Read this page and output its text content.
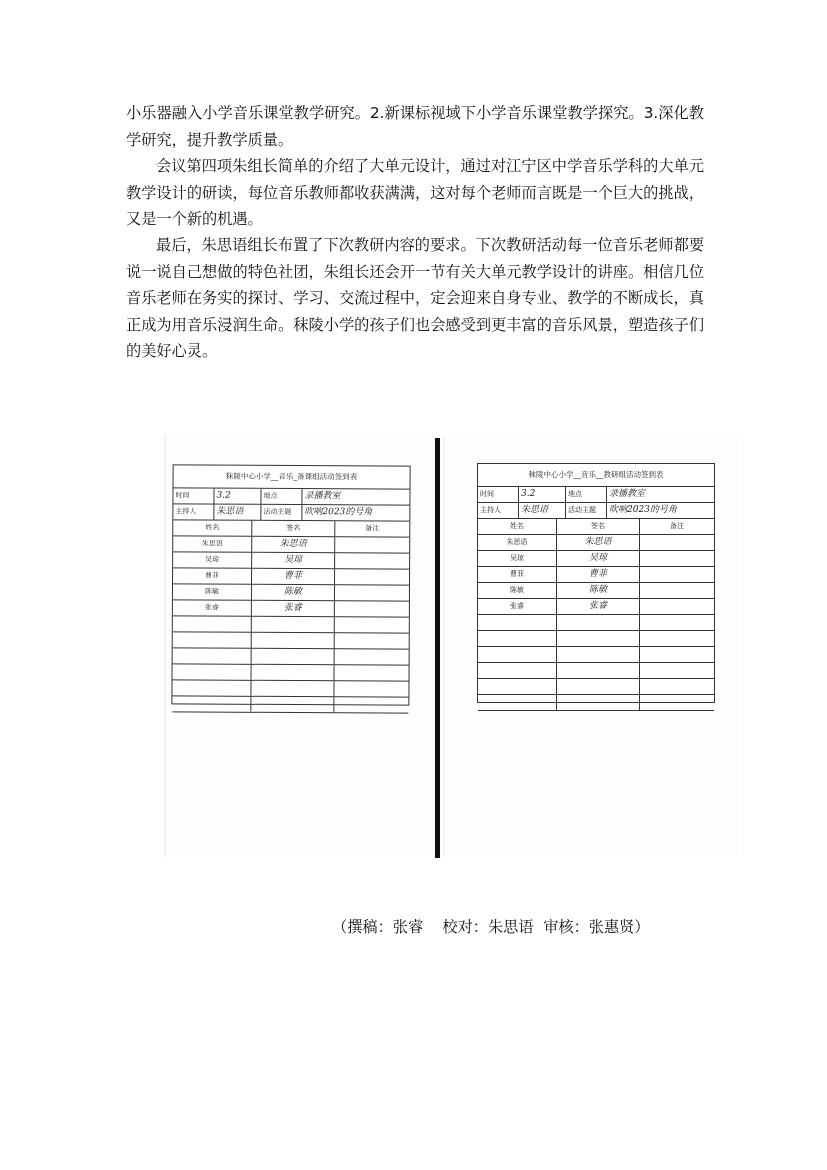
小乐器融入小学音乐课堂教学研究。2.新课标视域下小学音乐课堂教学探究。3.深化教学研究，提升教学质量。

会议第四项朱组长简单的介绍了大单元设计，通过对江宁区中学音乐学科的大单元教学设计的研读，每位音乐教师都收获满满，这对每个老师而言既是一个巨大的挑战，又是一个新的机遇。

最后，朱思语组长布置了下次教研内容的要求。下次教研活动每一位音乐老师都要说一说自己想做的特色社团，朱组长还会开一节有关大单元教学设计的讲座。相信几位音乐老师在务实的探讨、学习、交流过程中，定会迎来自身专业、教学的不断成长，真正成为用音乐浸润生命。秣陵小学的孩子们也会感受到更丰富的音乐风景，塑造孩子们的美好心灵。

秣陵中心小学__音乐_备课组活动签到表
时间	3.2	地点	录播教室
主持人	朱思语	活动主题	吹响2023的号角
姓名	签名	备注
朱思语	朱思语
吴琼	吴琼
曹菲	曹菲
陈敏	陈敏
张睿	张睿
秣陵中心小学__音乐__教研组活动签到表
时间	3.2	地点	录播教室
主持人	朱思语	活动主题	吹响2023的号角
姓名	签名	备注
朱思语	朱思语
吴琼	吴琼
曹菲	曹菲
陈敏	陈敏
张睿	张睿
（撰稿：张睿    校对：朱思语  审核：张惠贤）
